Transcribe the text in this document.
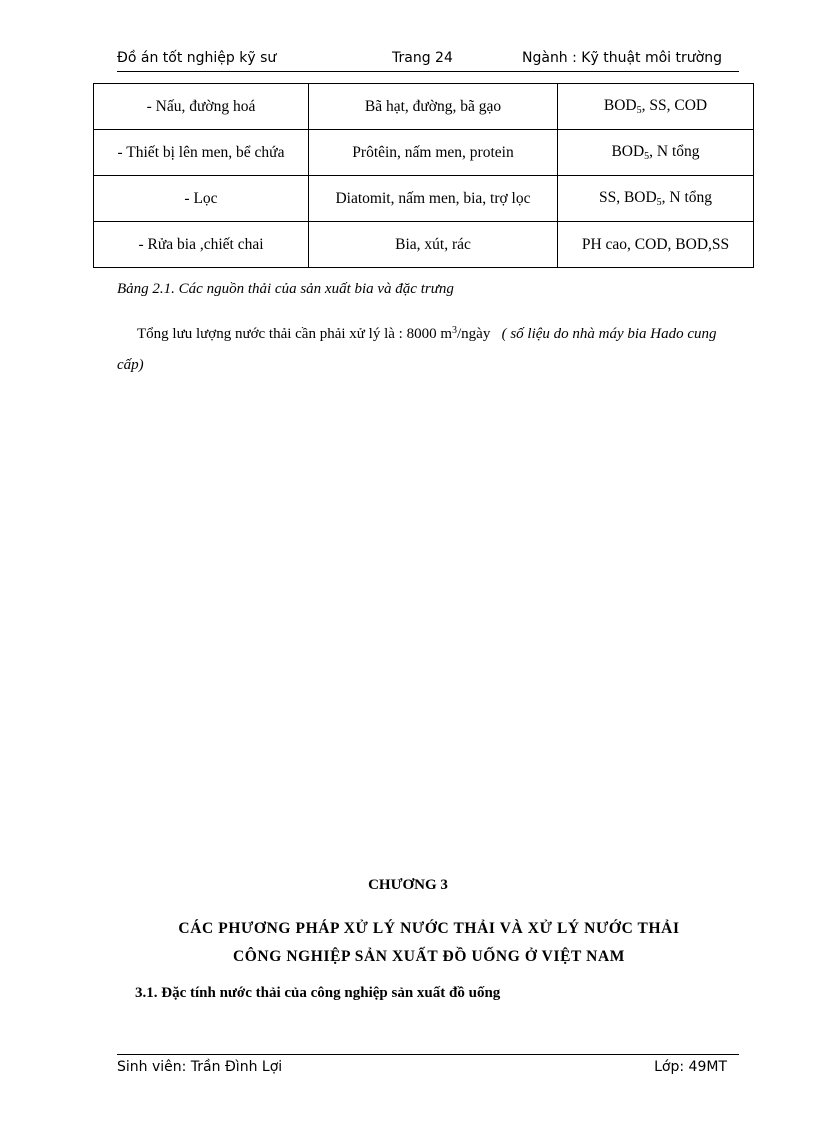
Đồ án tốt nghiệp kỹ sư	Trang 24	Ngành : Kỹ thuật môi trường
- Nấu, đường hoá	Bã hạt, đường, bã gạo	$BOD_5$, SS, COD
- Thiết bị lên men, bể chứa	Prôtêin, nấm men, protein	$BOD_5$, N tổng
- Lọc	Diatomit, nấm men, bia, trợ lọc	SS, $BOD_5$, N tổng
- Rửa bia ,chiết chai	Bia, xút, rác	PH cao, COD, BOD,SS
Bảng 2.1. Các nguồn thải của sản xuất bia và đặc trưng
Tổng lưu lượng nước thải cần phải xử lý là : 8000 $m^3$/ngày ( số liệu do nhà máy bia Hado cung cấp)
CHƯƠNG 3
CÁC PHƯƠNG PHÁP XỬ LÝ NƯỚC THẢI VÀ XỬ LÝ NƯỚC THẢI
CÔNG NGHIỆP SẢN XUẤT ĐỒ UỐNG Ở VIỆT NAM
3.1. Đặc tính nước thải của công nghiệp sản xuất đồ uống
Sinh viên: Trần Đình Lợi	Lớp: 49MT
